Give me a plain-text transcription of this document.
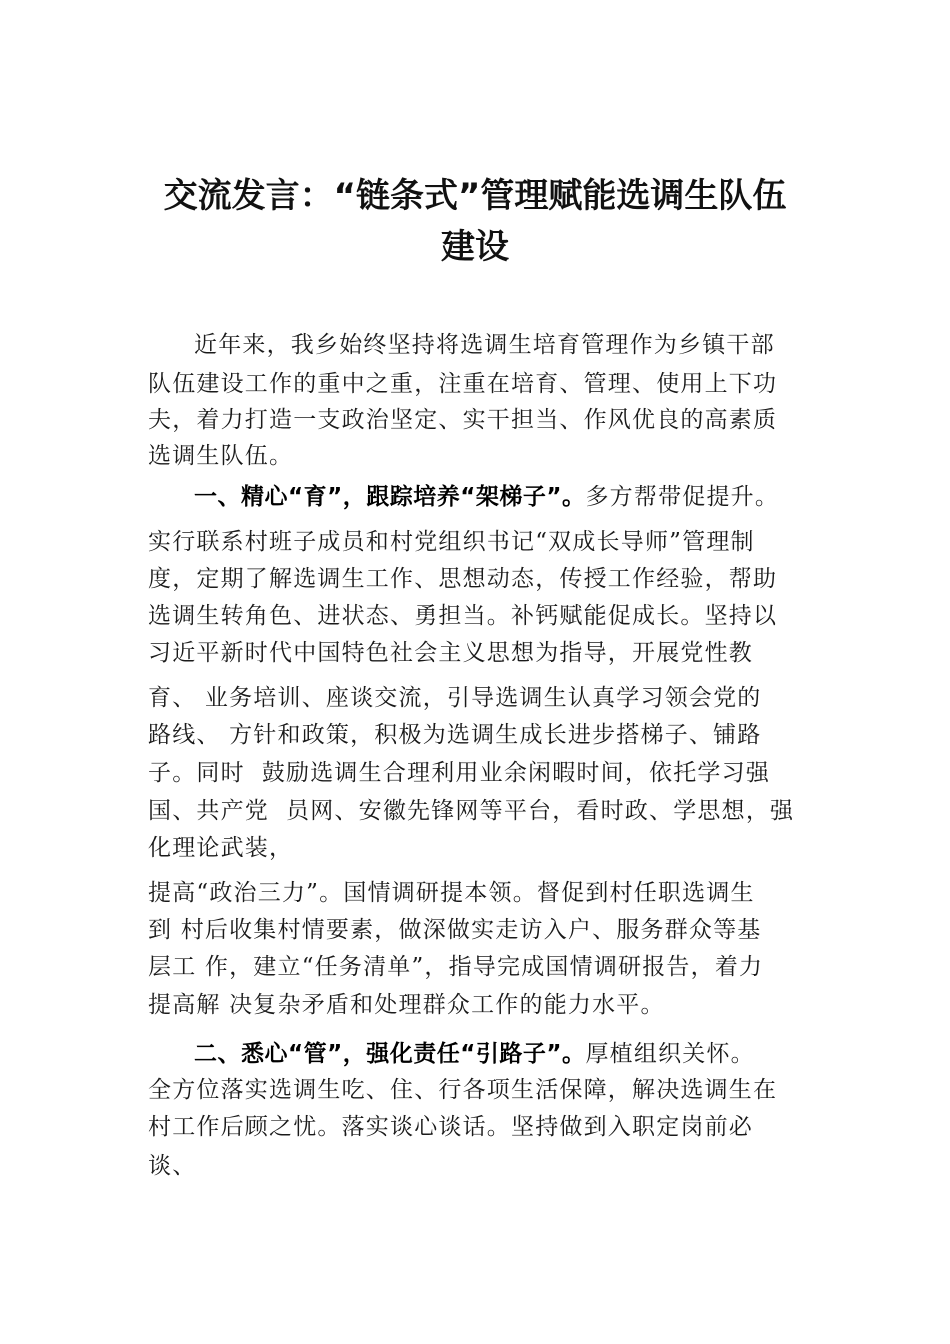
交流发言：“链条式”管理赋能选调生队伍
建设
近年来，我乡始终坚持将选调生培育管理作为乡镇干部
队伍建设工作的重中之重，注重在培育、管理、使用上下功
夫，着力打造一支政治坚定、实干担当、作风优良的高素质
选调生队伍。
一、精心“育”，跟踪培养“架梯子”。多方帮带促提升。
实行联系村班子成员和村党组织书记“双成长导师”管理制
度，定期了解选调生工作、思想动态，传授工作经验，帮助
选调生转角色、进状态、勇担当。补钙赋能促成长。坚持以
习近平新时代中国特色社会主义思想为指导，开展党性教
育、 业务培训、座谈交流，引导选调生认真学习领会党的
路线、 方针和政策，积极为选调生成长进步搭梯子、铺路
子。同时  鼓励选调生合理利用业余闲暇时间，依托学习强
国、共产党  员网、安徽先锋网等平台，看时政、学思想，强
化理论武装，
提高“政治三力”。国情调研提本领。督促到村任职选调生
到 村后收集村情要素，做深做实走访入户、服务群众等基
层工 作，建立“任务清单”，指导完成国情调研报告，着力
提高解 决复杂矛盾和处理群众工作的能力水平。
二、悉心“管”，强化责任“引路子”。厚植组织关怀。
全方位落实选调生吃、住、行各项生活保障，解决选调生在
村工作后顾之忧。落实谈心谈话。坚持做到入职定岗前必
谈、
